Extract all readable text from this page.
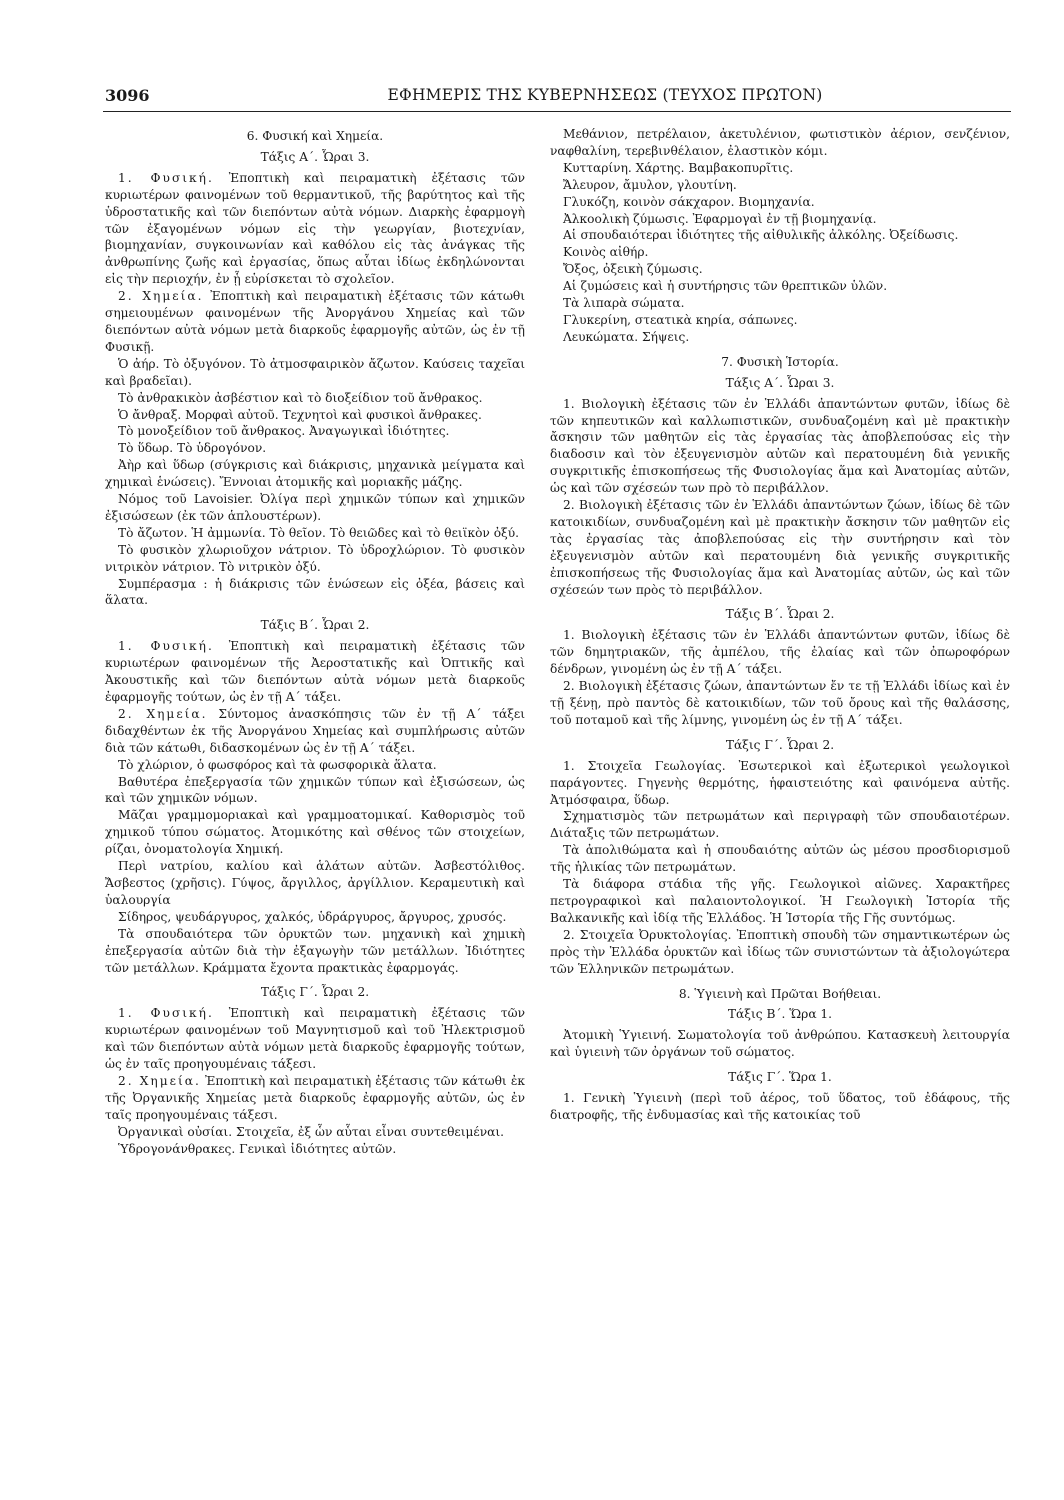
3096	ΕΦΗΜΕΡΙΣ ΤΗΣ ΚΥΒΕΡΝΗΣΕΩΣ (ΤΕΥΧΟΣ ΠΡΩΤΟΝ)

6. Φυσική καὶ Χημεία.

Τάξις Α΄. Ὧραι 3.

1. Φυσική. Ἐποπτικὴ καὶ πειραματικὴ ἐξέτασις τῶν κυριωτέρων φαινομένων τοῦ θερμαντικοῦ, τῆς βαρύτητος καὶ τῆς ὑδροστατικῆς καὶ τῶν διεπόντων αὐτὰ νόμων. Διαρκὴς ἐφαρμογὴ τῶν ἐξαγομένων νόμων εἰς τὴν γεωργίαν, βιοτεχνίαν, βιομηχανίαν, συγκοινωνίαν καὶ καθόλου εἰς τὰς ἀνάγκας τῆς ἀνθρωπίνης ζωῆς καὶ ἐργασίας, ὅπως αὗται ἰδίως ἐκδηλώνονται εἰς τὴν περιοχήν, ἐν ᾗ εὑρίσκεται τὸ σχολεῖον.

2. Χημεία. Ἐποπτικὴ καὶ πειραματικὴ ἐξέτασις τῶν κάτωθι σημειουμένων φαινομένων τῆς Ἀνοργάνου Χημείας καὶ τῶν διεπόντων αὐτὰ νόμων μετὰ διαρκοῦς ἐφαρμογῆς αὐτῶν, ὡς ἐν τῇ Φυσικῇ.

Ὁ ἀήρ. Τὸ ὀξυγόνον. Τὸ ἀτμοσφαιρικὸν ἄζωτον. Καύσεις ταχεῖαι καὶ βραδεῖαι).

Τὸ ἀνθρακικὸν ἀσβέστιον καὶ τὸ διοξείδιον τοῦ ἄνθρακος.

Ὁ ἄνθραξ. Μορφαὶ αὐτοῦ. Τεχνητοὶ καὶ φυσικοὶ ἄνθρακες.

Τὸ μονοξείδιον τοῦ ἄνθρακος. Ἀναγωγικαὶ ἰδιότητες.

Τὸ ὕδωρ. Τὸ ὑδρογόνον.

Ἀὴρ καὶ ὕδωρ (σύγκρισις καὶ διάκρισις, μηχανικὰ μείγματα καὶ χημικαὶ ἑνώσεις). Ἔννοιαι ἀτομικῆς καὶ μοριακῆς μάζης.

Νόμος τοῦ Lavoisier. Ὀλίγα περὶ χημικῶν τύπων καὶ χημικῶν ἐξισώσεων (ἐκ τῶν ἁπλουστέρων).

Τὸ ἄζωτον. Ἡ ἀμμωνία. Τὸ θεῖον. Τὸ θειῶδες καὶ τὸ θειϊκὸν ὀξύ.

Τὸ φυσικὸν χλωριοῦχον νάτριον. Τὸ ὑδροχλώριον. Τὸ φυσικὸν νιτρικὸν νάτριον. Τὸ νιτρικὸν ὀξύ.

Συμπέρασμα : ἡ διάκρισις τῶν ἑνώσεων εἰς ὀξέα, βάσεις καὶ ἅλατα.

Τάξις Β΄. Ὧραι 2.

1. Φυσική. Ἐποπτικὴ καὶ πειραματικὴ ἐξέτασις τῶν κυριωτέρων φαινομένων τῆς Ἀεροστατικῆς καὶ Ὀπτικῆς καὶ Ἀκουστικῆς καὶ τῶν διεπόντων αὐτὰ νόμων μετὰ διαρκοῦς ἐφαρμογῆς τούτων, ὡς ἐν τῇ Α΄ τάξει.

2. Χημεία. Σύντομος ἀνασκόπησις τῶν ἐν τῇ Α΄ τάξει διδαχθέντων ἐκ τῆς Ἀνοργάνου Χημείας καὶ συμπλήρωσις αὐτῶν διὰ τῶν κάτωθι, διδασκομένων ὡς ἐν τῇ Α΄ τάξει.

Τὸ χλώριον, ὁ φωσφόρος καὶ τὰ φωσφορικὰ ἅλατα.

Βαθυτέρα ἐπεξεργασία τῶν χημικῶν τύπων καὶ ἐξισώσεων, ὡς καὶ τῶν χημικῶν νόμων.

Μᾶζαι γραμμομοριακαὶ καὶ γραμμοατομικαί. Καθορισμὸς τοῦ χημικοῦ τύπου σώματος. Ἀτομικότης καὶ σθένος τῶν στοιχείων, ρίζαι, ὀνοματολογία Χημική.

Περὶ νατρίου, καλίου καὶ ἁλάτων αὐτῶν. Ἀσβεστόλιθος. Ἄσβεστος (χρῆσις). Γύψος, ἄργιλλος, ἀργίλλιον. Κεραμευτικὴ καὶ ὑαλουργία

Σίδηρος, ψευδάργυρος, χαλκός, ὑδράργυρος, ἄργυρος, χρυσός.

Τὰ σπουδαιότερα τῶν ὀρυκτῶν των. μηχανικὴ καὶ χημικὴ ἐπεξεργασία αὐτῶν διὰ τὴν ἐξαγωγὴν τῶν μετάλλων. Ἰδιότητες τῶν μετάλλων. Κράμματα ἔχοντα πρακτικὰς ἐφαρμογάς.

Τάξις Γ΄. Ὧραι 2.

1. Φυσική. Ἐποπτικὴ καὶ πειραματικὴ ἐξέτασις τῶν κυριωτέρων φαινομένων τοῦ Μαγνητισμοῦ καὶ τοῦ Ἠλεκτρισμοῦ καὶ τῶν διεπόντων αὐτὰ νόμων μετὰ διαρκοῦς ἐφαρμογῆς τούτων, ὡς ἐν ταῖς προηγουμέναις τάξεσι.

2. Χημεία. Ἐποπτικὴ καὶ πειραματικὴ ἐξέτασις τῶν κάτωθι ἐκ τῆς Ὀργανικῆς Χημείας μετὰ διαρκοῦς ἐφαρμογῆς αὐτῶν, ὡς ἐν ταῖς προηγουμέναις τάξεσι.

Ὀργανικαὶ οὐσίαι. Στοιχεῖα, ἐξ ὧν αὗται εἶναι συντεθειμέναι.

Ὑδρογονάνθρακες. Γενικαὶ ἰδιότητες αὐτῶν.

Μεθάνιον, πετρέλαιον, ἀκετυλένιον, φωτιστικὸν ἀέριον, σενζένιον, ναφθαλίνη, τερεβινθέλαιον, ἐλαστικὸν κόμι.

Κυτταρίνη. Χάρτης. Βαμβακοπυρῖτις.

Ἄλευρον, ἄμυλον, γλουτίνη.

Γλυκόζη, κοινὸν σάκχαρον. Βιομηχανία.

Ἀλκοολικὴ ζύμωσις. Ἐφαρμογαὶ ἐν τῇ βιομηχανίᾳ.

Αἱ σπουδαιότεραι ἰδιότητες τῆς αἰθυλικῆς ἀλκόλης. Ὀξείδωσις.

Κοινὸς αἰθήρ.

Ὄξος, ὀξεικὴ ζύμωσις.

Αἱ ζυμώσεις καὶ ἡ συντήρησις τῶν θρεπτικῶν ὑλῶν.

Τὰ λιπαρὰ σώματα.

Γλυκερίνη, στεατικὰ κηρία, σάπωνες.

Λευκώματα. Σήψεις.

7. Φυσικὴ Ἱστορία.

Τάξις Α΄. Ὧραι 3.

1. Βιολογικὴ ἐξέτασις τῶν ἐν Ἑλλάδι ἀπαντώντων φυτῶν, ἰδίως δὲ τῶν κηπευτικῶν καὶ καλλωπιστικῶν, συνδυαζομένη καὶ μὲ πρακτικὴν ἄσκησιν τῶν μαθητῶν εἰς τὰς ἐργασίας τὰς ἀποβλεπούσας εἰς τὴν διαδοσιν καὶ τὸν ἐξευγενισμὸν αὐτῶν καὶ περατουμένη διὰ γενικῆς συγκριτικῆς ἐπισκοπήσεως τῆς Φυσιολογίας ἅμα καὶ Ἀνατομίας αὐτῶν, ὡς καὶ τῶν σχέσεών των πρὸ τὸ περιβάλλον.

2. Βιολογικὴ ἐξέτασις τῶν ἐν Ἑλλάδι ἀπαντώντων ζώων, ἰδίως δὲ τῶν κατοικιδίων, συνδυαζομένη καὶ μὲ πρακτικὴν ἄσκησιν τῶν μαθητῶν εἰς τὰς ἐργασίας τὰς ἀποβλεπούσας εἰς τὴν συντήρησιν καὶ τὸν ἐξευγενισμὸν αὐτῶν καὶ περατουμένη διὰ γενικῆς συγκριτικῆς ἐπισκοπήσεως τῆς Φυσιολογίας ἅμα καὶ Ἀνατομίας αὐτῶν, ὡς καὶ τῶν σχέσεών των πρὸς τὸ περιβάλλον.

Τάξις Β΄. Ὧραι 2.

1. Βιολογικὴ ἐξέτασις τῶν ἐν Ἑλλάδι ἀπαντώντων φυτῶν, ἰδίως δὲ τῶν δημητριακῶν, τῆς ἀμπέλου, τῆς ἐλαίας καὶ τῶν ὀπωροφόρων δένδρων, γινομένη ὡς ἐν τῇ Α΄ τάξει.

2. Βιολογικὴ ἐξέτασις ζώων, ἀπαντώντων ἔν τε τῇ Ἑλλάδι ἰδίως καὶ ἐν τῇ ξένῃ, πρὸ παντὸς δὲ κατοικιδίων, τῶν τοῦ ὄρους καὶ τῆς θαλάσσης, τοῦ ποταμοῦ καὶ τῆς λίμνης, γινομένη ὡς ἐν τῇ Α΄ τάξει.

Τάξις Γ΄. Ὧραι 2.

1. Στοιχεῖα Γεωλογίας. Ἐσωτερικοὶ καὶ ἐξωτερικοὶ γεωλογικοὶ παράγοντες. Γηγενὴς θερμότης, ἡφαιστειότης καὶ φαινόμενα αὐτῆς. Ἀτμόσφαιρα, ὕδωρ.

Σχηματισμὸς τῶν πετρωμάτων καὶ περιγραφὴ τῶν σπουδαιοτέρων. Διάταξις τῶν πετρωμάτων.

Τὰ ἀπολιθώματα καὶ ἡ σπουδαιότης αὐτῶν ὡς μέσου προσδιορισμοῦ τῆς ἡλικίας τῶν πετρωμάτων.

Τὰ διάφορα στάδια τῆς γῆς. Γεωλογικοὶ αἰῶνες. Χαρακτῆρες πετρογραφικοὶ καὶ παλαιοντολογικοί. Ἡ Γεωλογικὴ Ἱστορία τῆς Βαλκανικῆς καὶ ἰδίᾳ τῆς Ἑλλάδος. Ἡ Ἱστορία τῆς Γῆς συντόμως.

2. Στοιχεῖα Ὀρυκτολογίας. Ἐποπτικὴ σπουδὴ τῶν σημαντικωτέρων ὡς πρὸς τὴν Ἑλλάδα ὀρυκτῶν καὶ ἰδίως τῶν συνιστώντων τὰ ἀξιολογώτερα τῶν Ἑλληνικῶν πετρωμάτων.

8. Ὑγιεινὴ καὶ Πρῶται Βοήθειαι.

Τάξις Β΄. Ὥρα 1.

Ἀτομικὴ Ὑγιεινή. Σωματολογία τοῦ ἀνθρώπου. Κατασκευὴ λειτουργία καὶ ὑγιεινὴ τῶν ὀργάνων τοῦ σώματος.

Τάξις Γ΄. Ὥρα 1.

1. Γενικὴ Ὑγιεινὴ (περὶ τοῦ ἀέρος, τοῦ ὕδατος, τοῦ ἐδάφους, τῆς διατροφῆς, τῆς ἐνδυμασίας καὶ τῆς κατοικίας τοῦ
